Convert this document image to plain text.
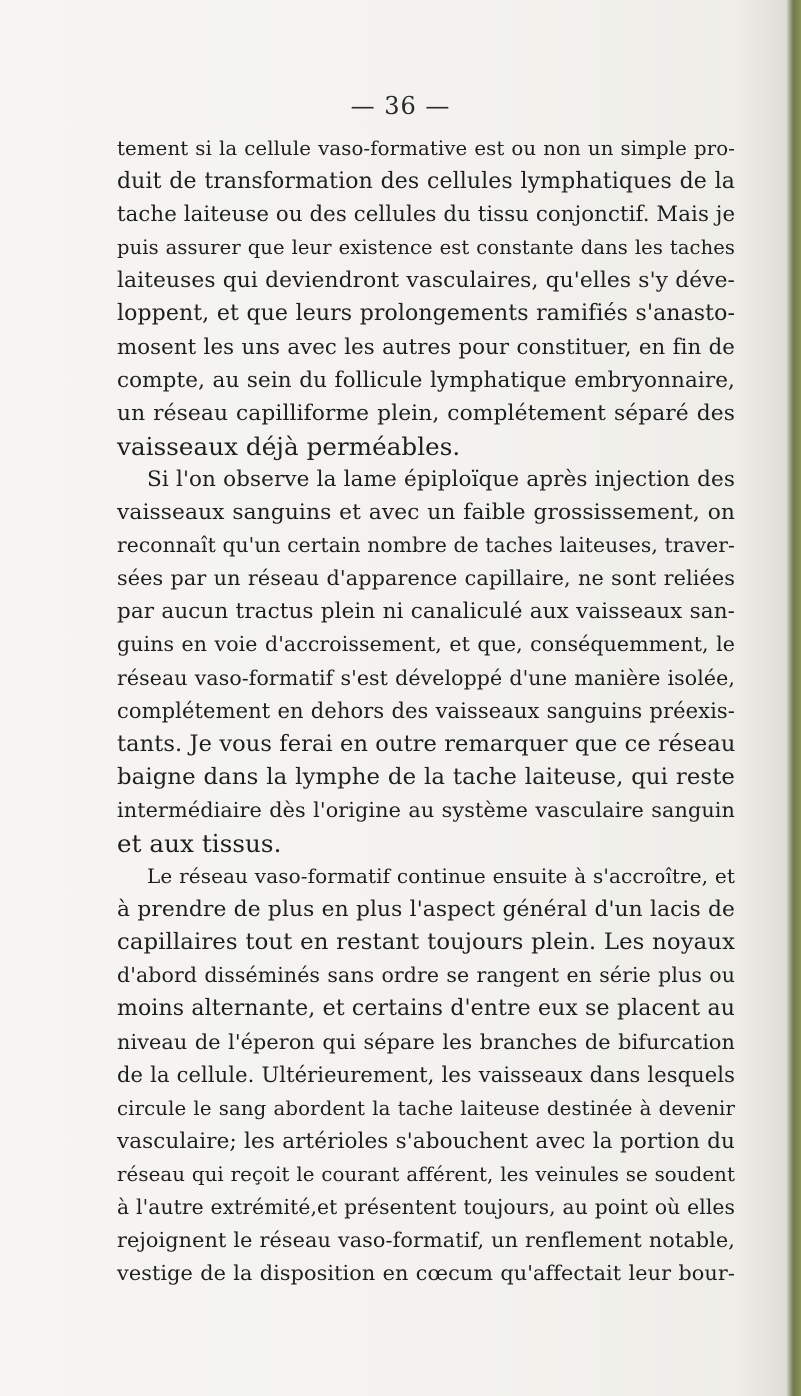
— 36 —
tement si la cellule vaso-formative est ou non un simple pro-
duit de transformation des cellules lymphatiques de la
tache laiteuse ou des cellules du tissu conjonctif. Mais je
puis assurer que leur existence est constante dans les taches
laiteuses qui deviendront vasculaires, qu'elles s'y déve-
loppent, et que leurs prolongements ramifiés s'anasto-
mosent les uns avec les autres pour constituer, en fin de
compte, au sein du follicule lymphatique embryonnaire,
un réseau capilliforme plein, complétement séparé des
vaisseaux déjà perméables.
Si l'on observe la lame épiploïque après injection des
vaisseaux sanguins et avec un faible grossissement, on
reconnaît qu'un certain nombre de taches laiteuses, traver-
sées par un réseau d'apparence capillaire, ne sont reliées
par aucun tractus plein ni canaliculé aux vaisseaux san-
guins en voie d'accroissement, et que, conséquemment, le
réseau vaso-formatif s'est développé d'une manière isolée,
complétement en dehors des vaisseaux sanguins préexis-
tants. Je vous ferai en outre remarquer que ce réseau
baigne dans la lymphe de la tache laiteuse, qui reste
intermédiaire dès l'origine au système vasculaire sanguin
et aux tissus.
Le réseau vaso-formatif continue ensuite à s'accroître, et
à prendre de plus en plus l'aspect général d'un lacis de
capillaires tout en restant toujours plein. Les noyaux
d'abord disséminés sans ordre se rangent en série plus ou
moins alternante, et certains d'entre eux se placent au
niveau de l'éperon qui sépare les branches de bifurcation
de la cellule. Ultérieurement, les vaisseaux dans lesquels
circule le sang abordent la tache laiteuse destinée à devenir
vasculaire; les artérioles s'abouchent avec la portion du
réseau qui reçoit le courant afférent, les veinules se soudent
à l'autre extrémité,et présentent toujours, au point où elles
rejoignent le réseau vaso-formatif, un renflement notable,
vestige de la disposition en cœcum qu'affectait leur bour-
